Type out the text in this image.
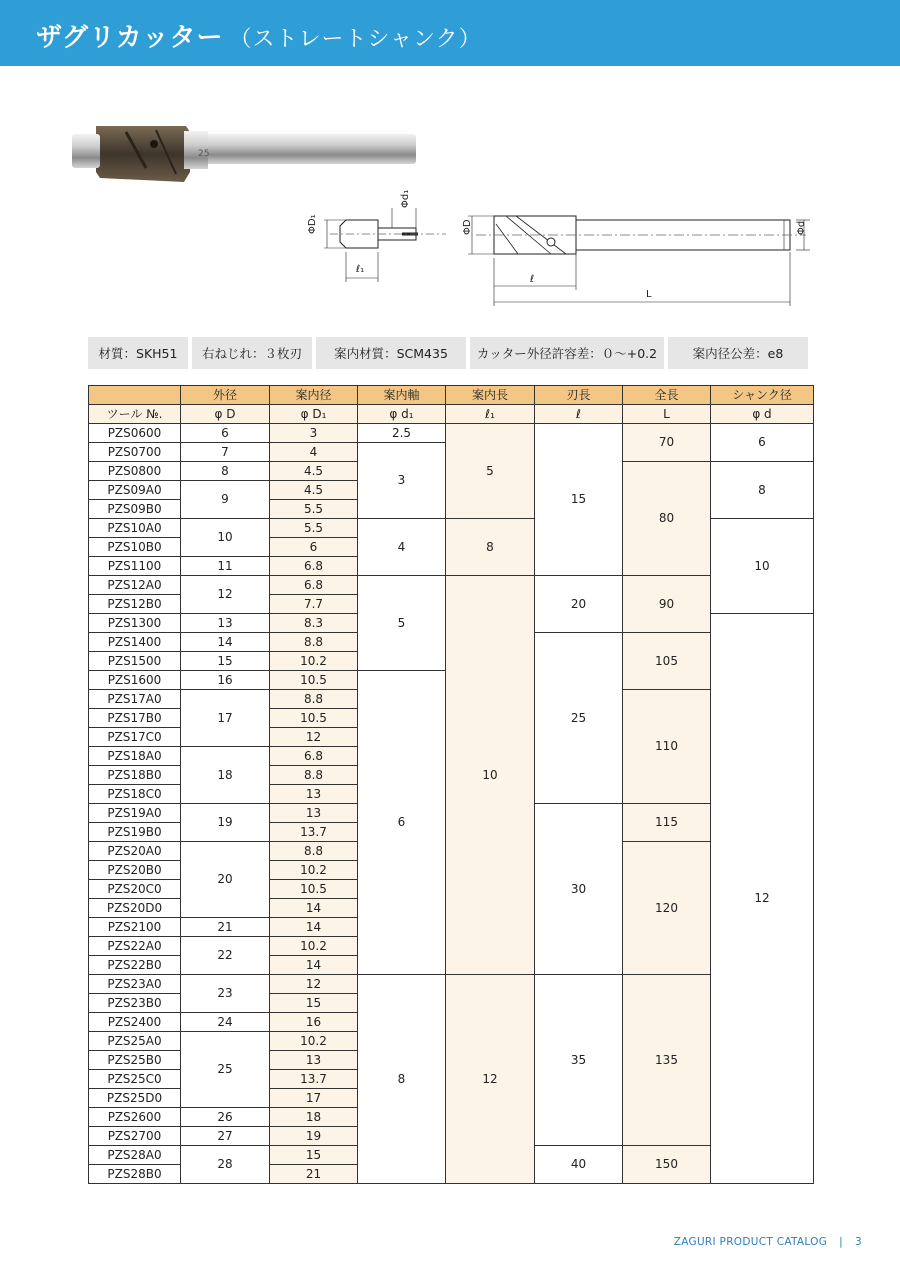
ザグリカッター （ストレートシャンク）
25
ΦD₁
Φd₁
ℓ₁
ΦD	Φd
ℓ
L
材質：SKH51	右ねじれ：３枚刃	案内材質：SCM435	カッター外径許容差：０～+0.2	案内径公差：e8
	外径	案内径	案内軸	案内長	刃長	全長	シャンク径
ツール №.	φ D	φ D₁	φ d₁	ℓ₁	ℓ	L	φ d
PZS0600	6	3	2.5	5	15	70	6
PZS0700	7	4	3				
PZS0800	8	4.5				80	8
PZS09A0	9	4.5					
PZS09B0		5.5					
PZS10A0	10	5.5	4	8			10
PZS10B0		6					
PZS1100	11	6.8					
PZS12A0	12	6.8	5	10	20	90	
PZS12B0		7.7					
PZS1300	13	8.3					12
PZS1400	14	8.8			25	105	
PZS1500	15	10.2					
PZS1600	16	10.5	6				
PZS17A0	17	8.8				110	
PZS17B0		10.5					
PZS17C0		12					
PZS18A0	18	6.8					
PZS18B0		8.8					
PZS18C0		13					
PZS19A0	19	13			30	115	
PZS19B0		13.7					
PZS20A0	20	8.8				120	
PZS20B0		10.2					
PZS20C0		10.5					
PZS20D0		14					
PZS2100	21	14					
PZS22A0	22	10.2					
PZS22B0		14					
PZS23A0	23	12	8	12	35	135	
PZS23B0		15					
PZS2400	24	16					
PZS25A0	25	10.2					
PZS25B0		13					
PZS25C0		13.7					
PZS25D0		17					
PZS2600	26	18					
PZS2700	27	19					
PZS28A0	28	15			40	150	
PZS28B0		21					
ZAGURI PRODUCT CATALOG | 3
